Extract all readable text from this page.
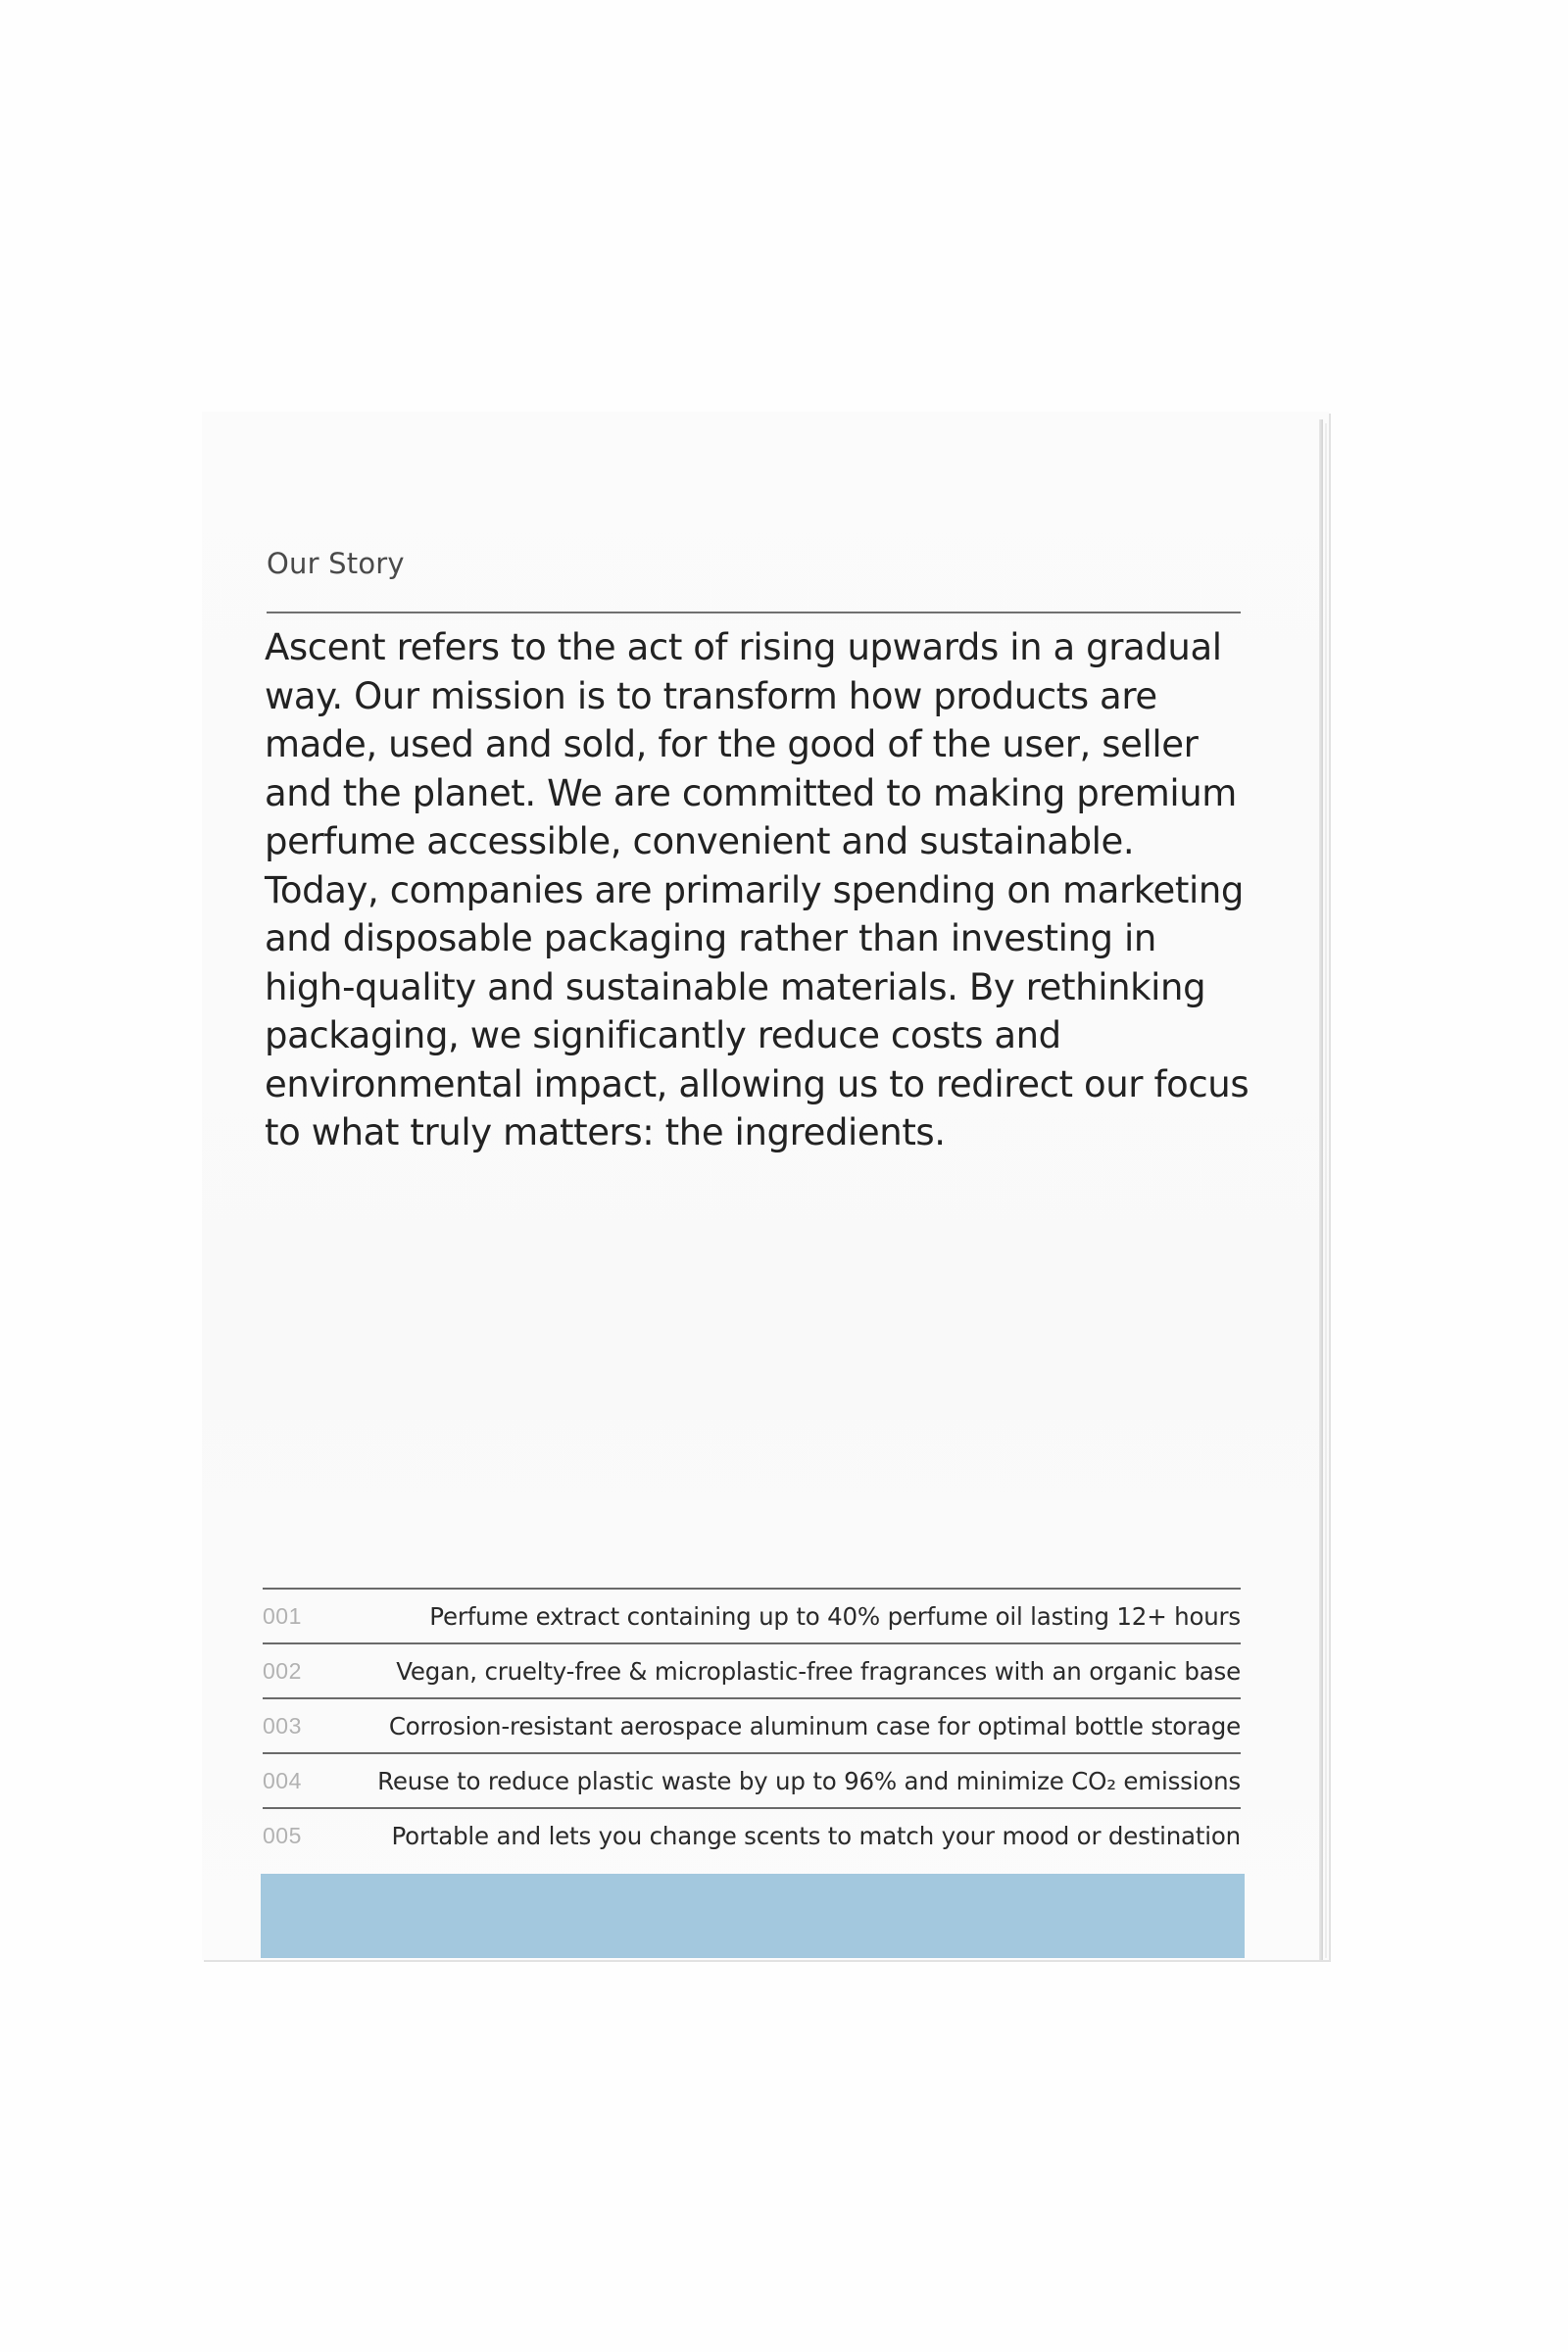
Our Story

Ascent refers to the act of rising upwards in a gradual way. Our mission is to transform how products are made, used and sold, for the good of the user, seller and the planet. We are committed to making premium perfume accessible, convenient and sustainable. Today, companies are primarily spending on marketing and disposable packaging rather than investing in high-quality and sustainable materials. By rethinking packaging, we significantly reduce costs and environmental impact, allowing us to redirect our focus to what truly matters: the ingredients.

001	Perfume extract containing up to 40% perfume oil lasting 12+ hours
002	Vegan, cruelty-free & microplastic-free fragrances with an organic base
003	Corrosion-resistant aerospace aluminum case for optimal bottle storage
004	Reuse to reduce plastic waste by up to 96% and minimize CO₂ emissions
005	Portable and lets you change scents to match your mood or destination
